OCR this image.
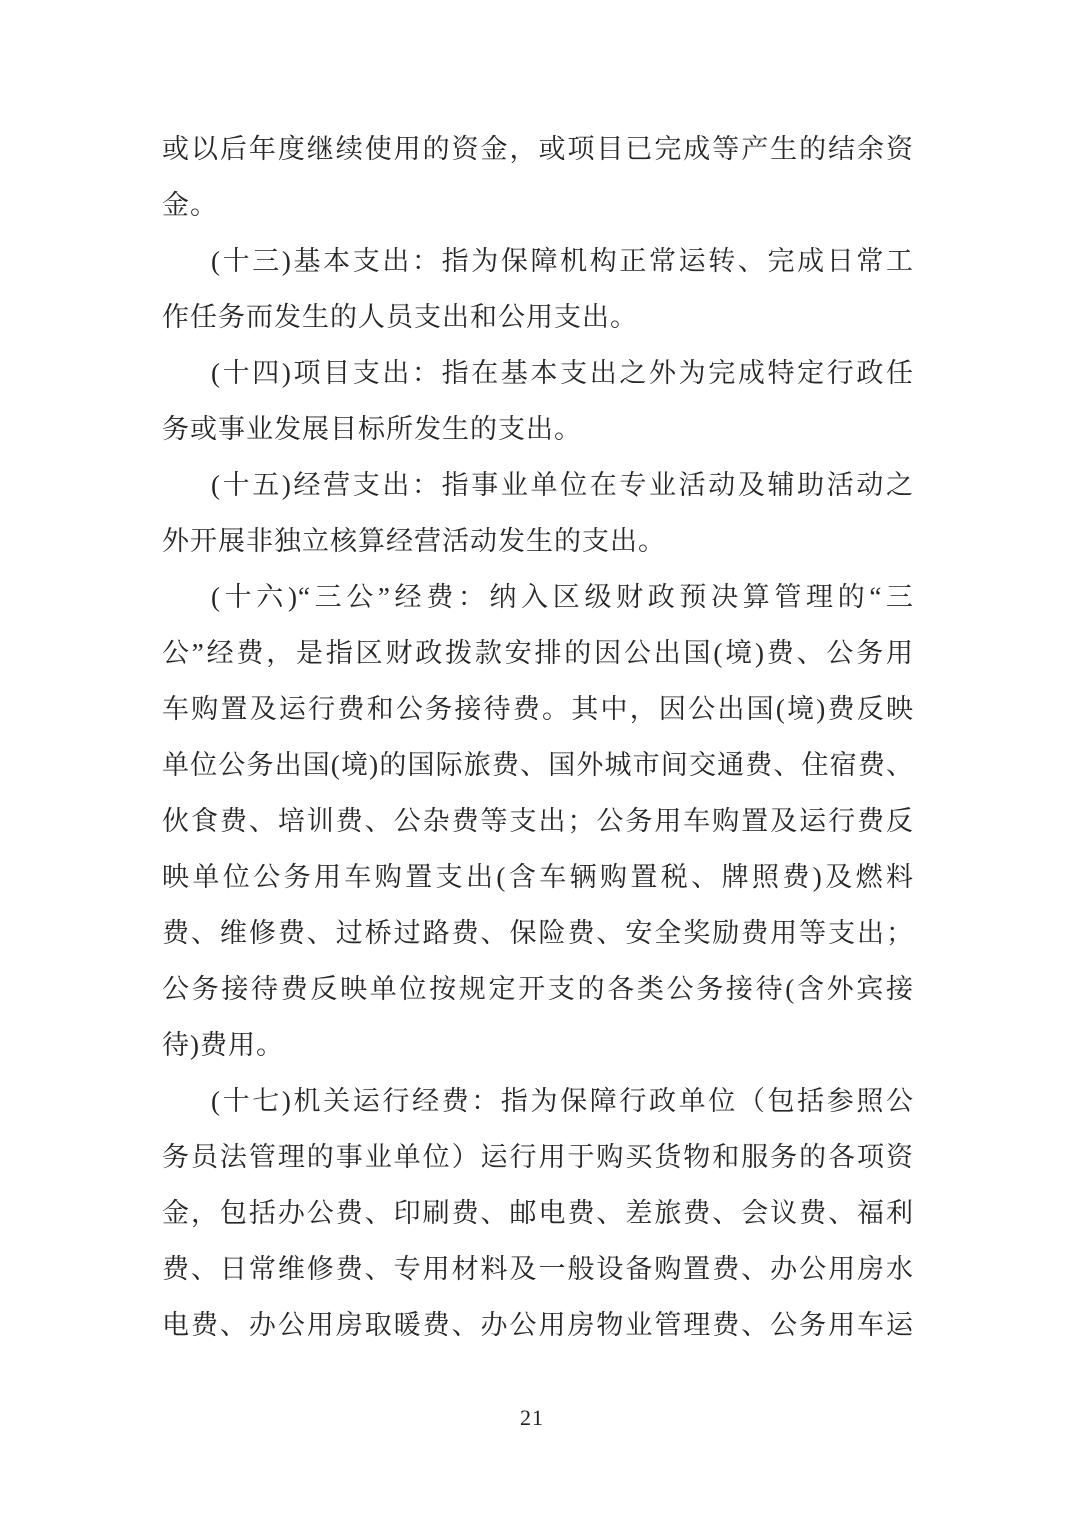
或以后年度继续使用的资金，或项目已完成等产生的结余资
金。
(十三)基本支出：指为保障机构正常运转、完成日常工
作任务而发生的人员支出和公用支出。
(十四)项目支出：指在基本支出之外为完成特定行政任
务或事业发展目标所发生的支出。
(十五)经营支出：指事业单位在专业活动及辅助活动之
外开展非独立核算经营活动发生的支出。
(十六)“三公”经费：纳入区级财政预决算管理的“三
公”经费，是指区财政拨款安排的因公出国(境)费、公务用
车购置及运行费和公务接待费。其中，因公出国(境)费反映
单位公务出国(境)的国际旅费、国外城市间交通费、住宿费、
伙食费、培训费、公杂费等支出；公务用车购置及运行费反
映单位公务用车购置支出(含车辆购置税、牌照费)及燃料
费、维修费、过桥过路费、保险费、安全奖励费用等支出；
公务接待费反映单位按规定开支的各类公务接待(含外宾接
待)费用。
(十七)机关运行经费：指为保障行政单位（包括参照公
务员法管理的事业单位）运行用于购买货物和服务的各项资
金，包括办公费、印刷费、邮电费、差旅费、会议费、福利
费、日常维修费、专用材料及一般设备购置费、办公用房水
电费、办公用房取暖费、办公用房物业管理费、公务用车运
21
